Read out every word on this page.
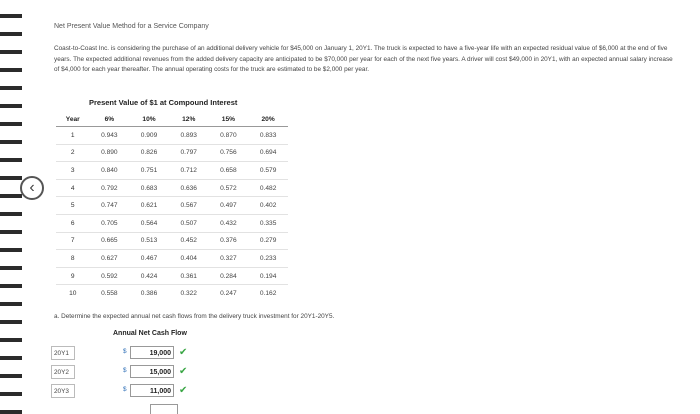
‹
Net Present Value Method for a Service Company

Coast-to-Coast Inc. is considering the purchase of an additional delivery vehicle for $45,000 on January 1, 20Y1. The truck is expected to have a five-year life with an expected residual value of $6,000 at the end of five years. The expected additional revenues from the added delivery capacity are anticipated to be $70,000 per year for each of the next five years. A driver will cost $49,000 in 20Y1, with an expected annual salary increase of $4,000 for each year thereafter. The annual operating costs for the truck are estimated to be $2,000 per year.

Present Value of $1 at Compound Interest
Year	6%	10%	12%	15%	20%
1	0.943	0.909	0.893	0.870	0.833
2	0.890	0.826	0.797	0.756	0.694
3	0.840	0.751	0.712	0.658	0.579
4	0.792	0.683	0.636	0.572	0.482
5	0.747	0.621	0.567	0.497	0.402
6	0.705	0.564	0.507	0.432	0.335
7	0.665	0.513	0.452	0.376	0.279
8	0.627	0.467	0.404	0.327	0.233
9	0.592	0.424	0.361	0.284	0.194
10	0.558	0.386	0.322	0.247	0.162
a. Determine the expected annual net cash flows from the delivery truck investment for 20Y1-20Y5.
Annual Net Cash Flow
20Y1	$	19,000 ✔
20Y2	$	15,000 ✔
20Y3	$	11,000 ✔
